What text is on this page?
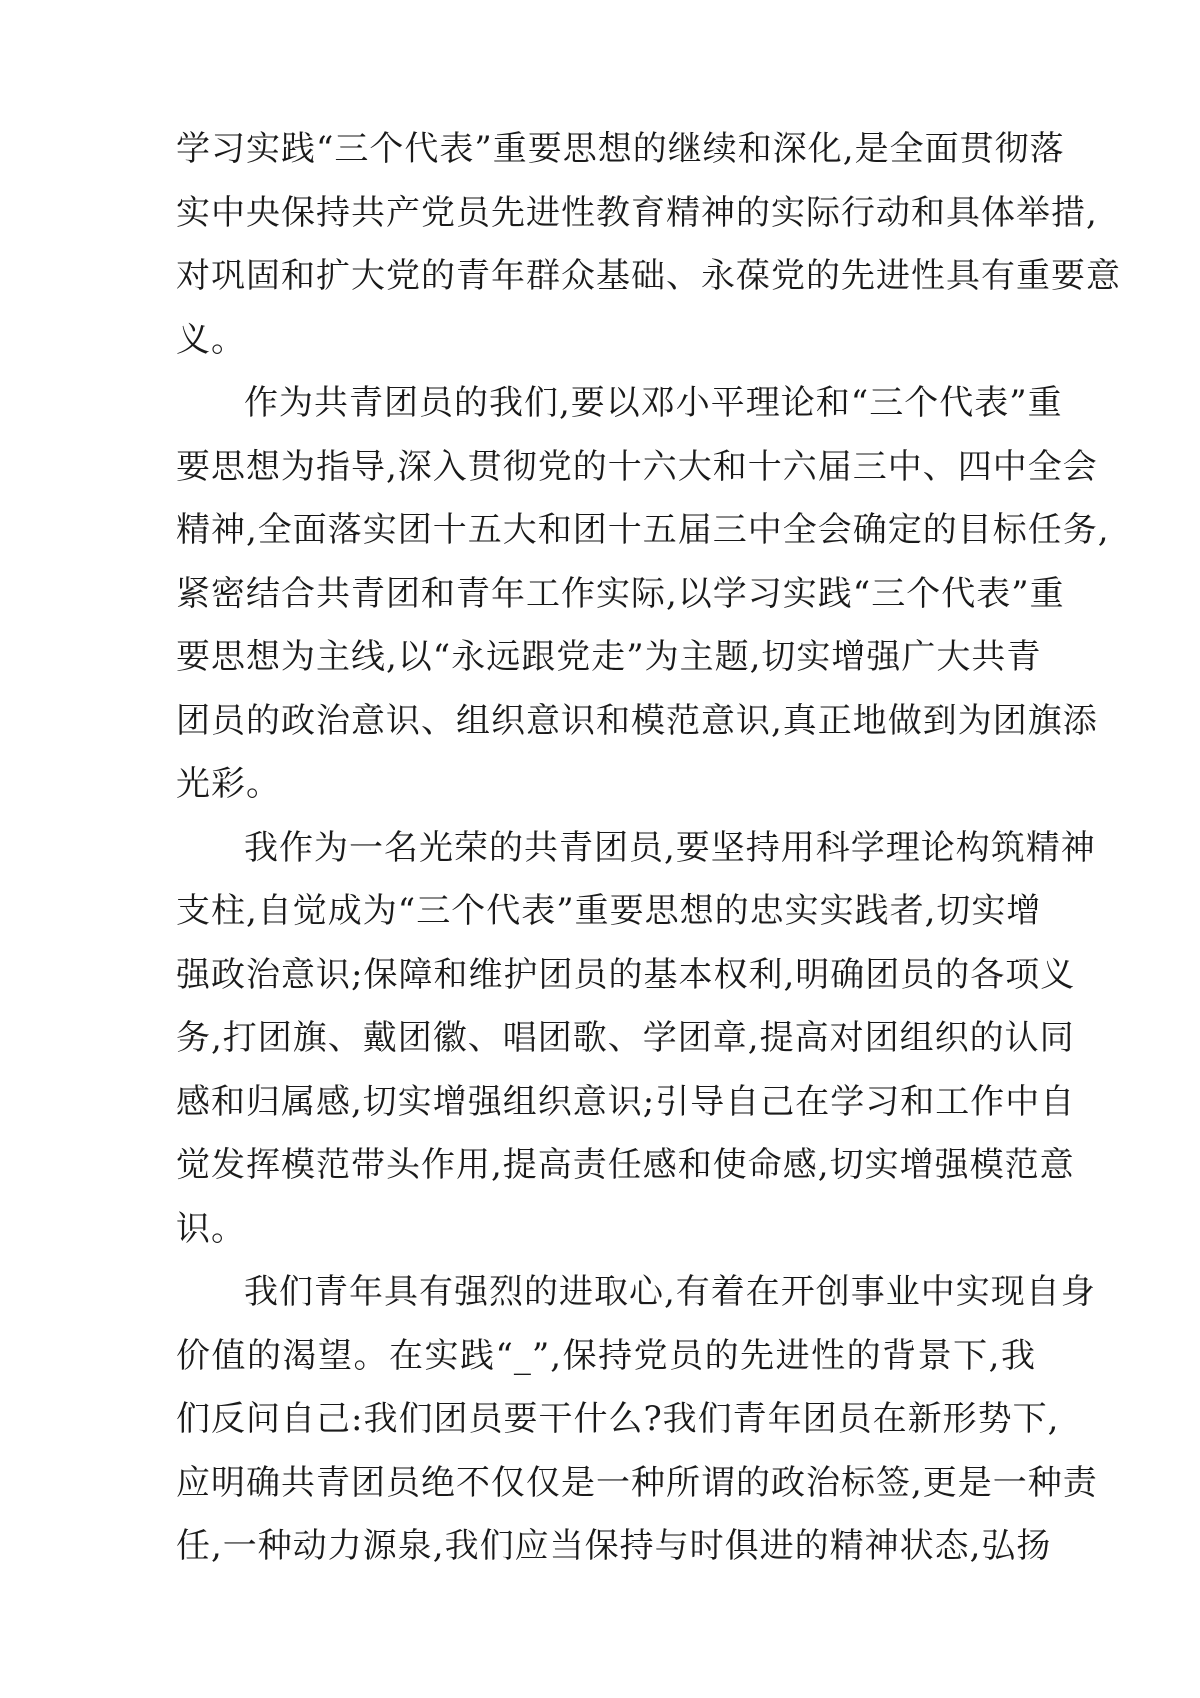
学习实践“三个代表”重要思想的继续和深化,是全面贯彻落
实中央保持共产党员先进性教育精神的实际行动和具体举措,
对巩固和扩大党的青年群众基础、永葆党的先进性具有重要意
义。
作为共青团员的我们,要以邓小平理论和“三个代表”重
要思想为指导,深入贯彻党的十六大和十六届三中、四中全会
精神,全面落实团十五大和团十五届三中全会确定的目标任务,
紧密结合共青团和青年工作实际,以学习实践“三个代表”重
要思想为主线,以“永远跟党走”为主题,切实增强广大共青
团员的政治意识、组织意识和模范意识,真正地做到为团旗添
光彩。
我作为一名光荣的共青团员,要坚持用科学理论构筑精神
支柱,自觉成为“三个代表”重要思想的忠实实践者,切实增
强政治意识;保障和维护团员的基本权利,明确团员的各项义
务,打团旗、戴团徽、唱团歌、学团章,提高对团组织的认同
感和归属感,切实增强组织意识;引导自己在学习和工作中自
觉发挥模范带头作用,提高责任感和使命感,切实增强模范意
识。
我们青年具有强烈的进取心,有着在开创事业中实现自身
价值的渴望。在实践“_”,保持党员的先进性的背景下,我
们反问自己:我们团员要干什么?我们青年团员在新形势下,
应明确共青团员绝不仅仅是一种所谓的政治标签,更是一种责
任,一种动力源泉,我们应当保持与时俱进的精神状态,弘扬
